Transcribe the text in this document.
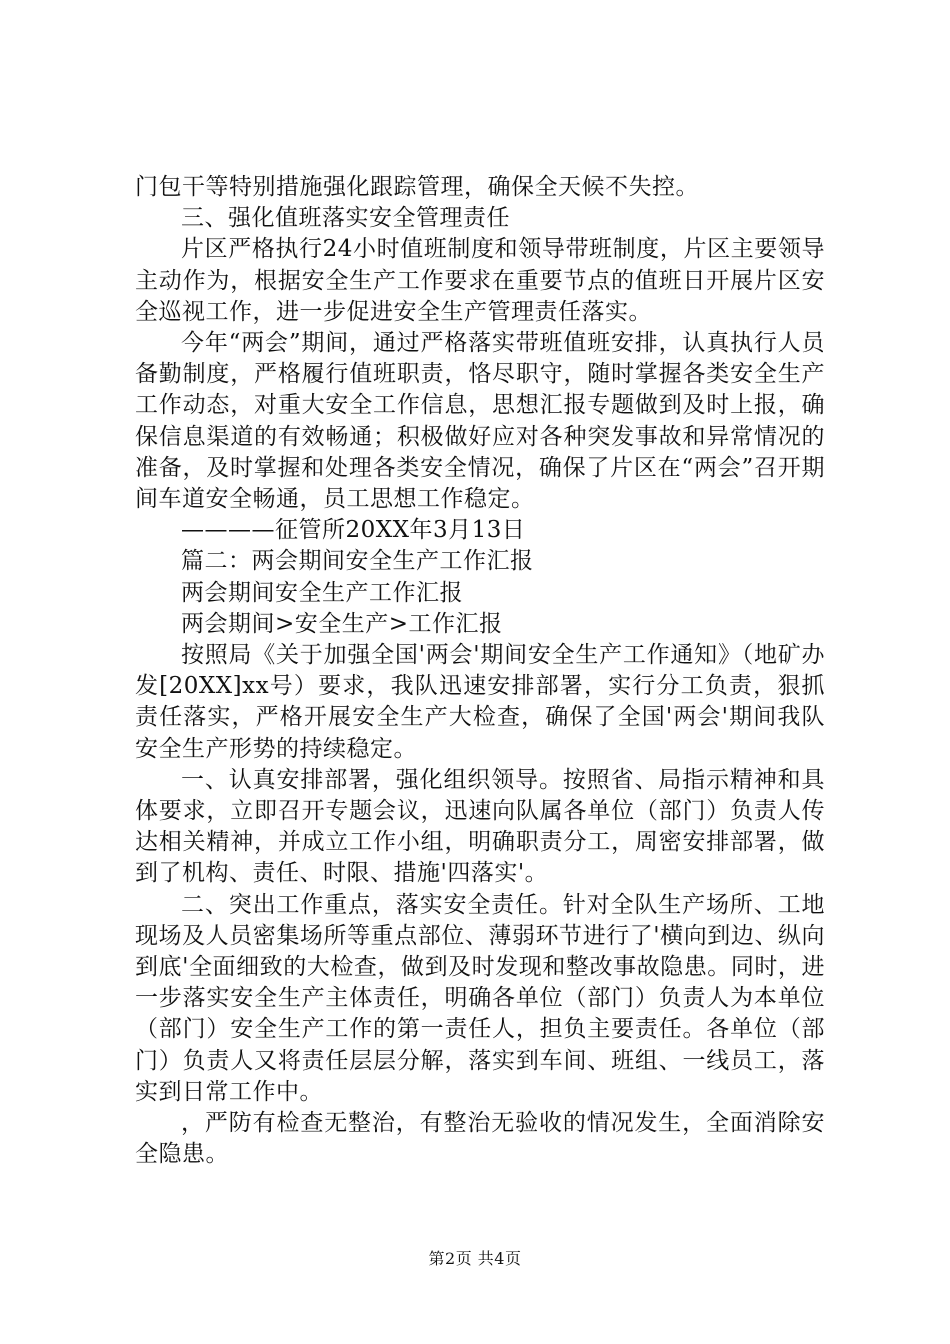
门包干等特别措施强化跟踪管理，确保全天候不失控。

三、强化值班落实安全管理责任

片区严格执行24小时值班制度和领导带班制度，片区主要领导主动作为，根据安全生产工作要求在重要节点的值班日开展片区安全巡视工作，进一步促进安全生产管理责任落实。

今年“两会”期间，通过严格落实带班值班安排，认真执行人员备勤制度，严格履行值班职责，恪尽职守，随时掌握各类安全生产工作动态，对重大安全工作信息，思想汇报专题做到及时上报，确保信息渠道的有效畅通；积极做好应对各种突发事故和异常情况的准备，及时掌握和处理各类安全情况，确保了片区在“两会”召开期间车道安全畅通，员工思想工作稳定。

————征管所20XX年3月13日

篇二：两会期间安全生产工作汇报

两会期间安全生产工作汇报

两会期间>安全生产>工作汇报

按照局《关于加强全国'两会'期间安全生产工作通知》（地矿办发[20XX]xx号）要求，我队迅速安排部署，实行分工负责，狠抓责任落实，严格开展安全生产大检查，确保了全国'两会'期间我队安全生产形势的持续稳定。

一、认真安排部署，强化组织领导。按照省、局指示精神和具体要求，立即召开专题会议，迅速向队属各单位（部门）负责人传达相关精神，并成立工作小组，明确职责分工，周密安排部署，做到了机构、责任、时限、措施'四落实'。

二、突出工作重点，落实安全责任。针对全队生产场所、工地现场及人员密集场所等重点部位、薄弱环节进行了'横向到边、纵向到底'全面细致的大检查，做到及时发现和整改事故隐患。同时，进一步落实安全生产主体责任，明确各单位（部门）负责人为本单位（部门）安全生产工作的第一责任人，担负主要责任。各单位（部门）负责人又将责任层层分解，落实到车间、班组、一线员工，落实到日常工作中。

，严防有检查无整治，有整治无验收的情况发生，全面消除安全隐患。

第2页 共4页
